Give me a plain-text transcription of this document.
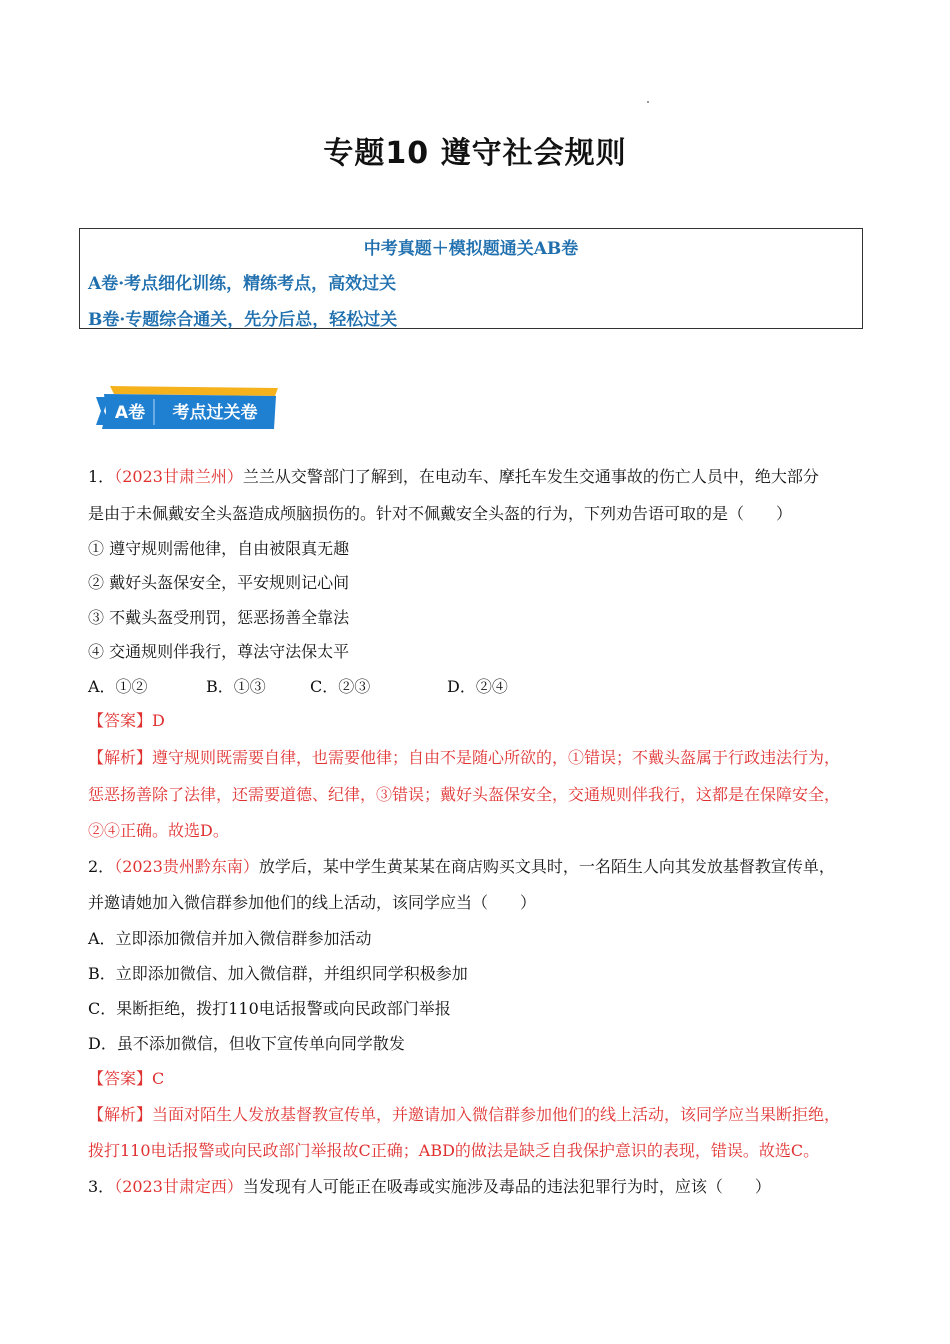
专题10 遵守社会规则
中考真题＋模拟题通关AB卷
A卷·考点细化训练，精练考点，高效过关
B卷·专题综合通关，先分后总，轻松过关
A卷 考点过关卷
1．（2023甘肃兰州）兰兰从交警部门了解到，在电动车、摩托车发生交通事故的伤亡人员中，绝大部分
是由于未佩戴安全头盔造成颅脑损伤的。针对不佩戴安全头盔的行为，下列劝告语可取的是（　　）
① 遵守规则需他律，自由被限真无趣
② 戴好头盔保安全，平安规则记心间
③ 不戴头盔受刑罚，惩恶扬善全靠法
④ 交通规则伴我行，尊法守法保太平
A．①②	B．①③	C．②③	D．②④
【答案】D
【解析】遵守规则既需要自律，也需要他律；自由不是随心所欲的，①错误；不戴头盔属于行政违法行为，
惩恶扬善除了法律，还需要道德、纪律，③错误；戴好头盔保安全，交通规则伴我行，这都是在保障安全，
②④正确。故选D。
2．（2023贵州黔东南）放学后，某中学生黄某某在商店购买文具时，一名陌生人向其发放基督教宣传单，
并邀请她加入微信群参加他们的线上活动，该同学应当（　　）
A．立即添加微信并加入微信群参加活动
B．立即添加微信、加入微信群，并组织同学积极参加
C．果断拒绝，拨打110电话报警或向民政部门举报
D．虽不添加微信，但收下宣传单向同学散发
【答案】C
【解析】当面对陌生人发放基督教宣传单，并邀请加入微信群参加他们的线上活动，该同学应当果断拒绝，
拨打110电话报警或向民政部门举报故C正确；ABD的做法是缺乏自我保护意识的表现，错误。故选C。
3．（2023甘肃定西）当发现有人可能正在吸毒或实施涉及毒品的违法犯罪行为时，应该（　　）
